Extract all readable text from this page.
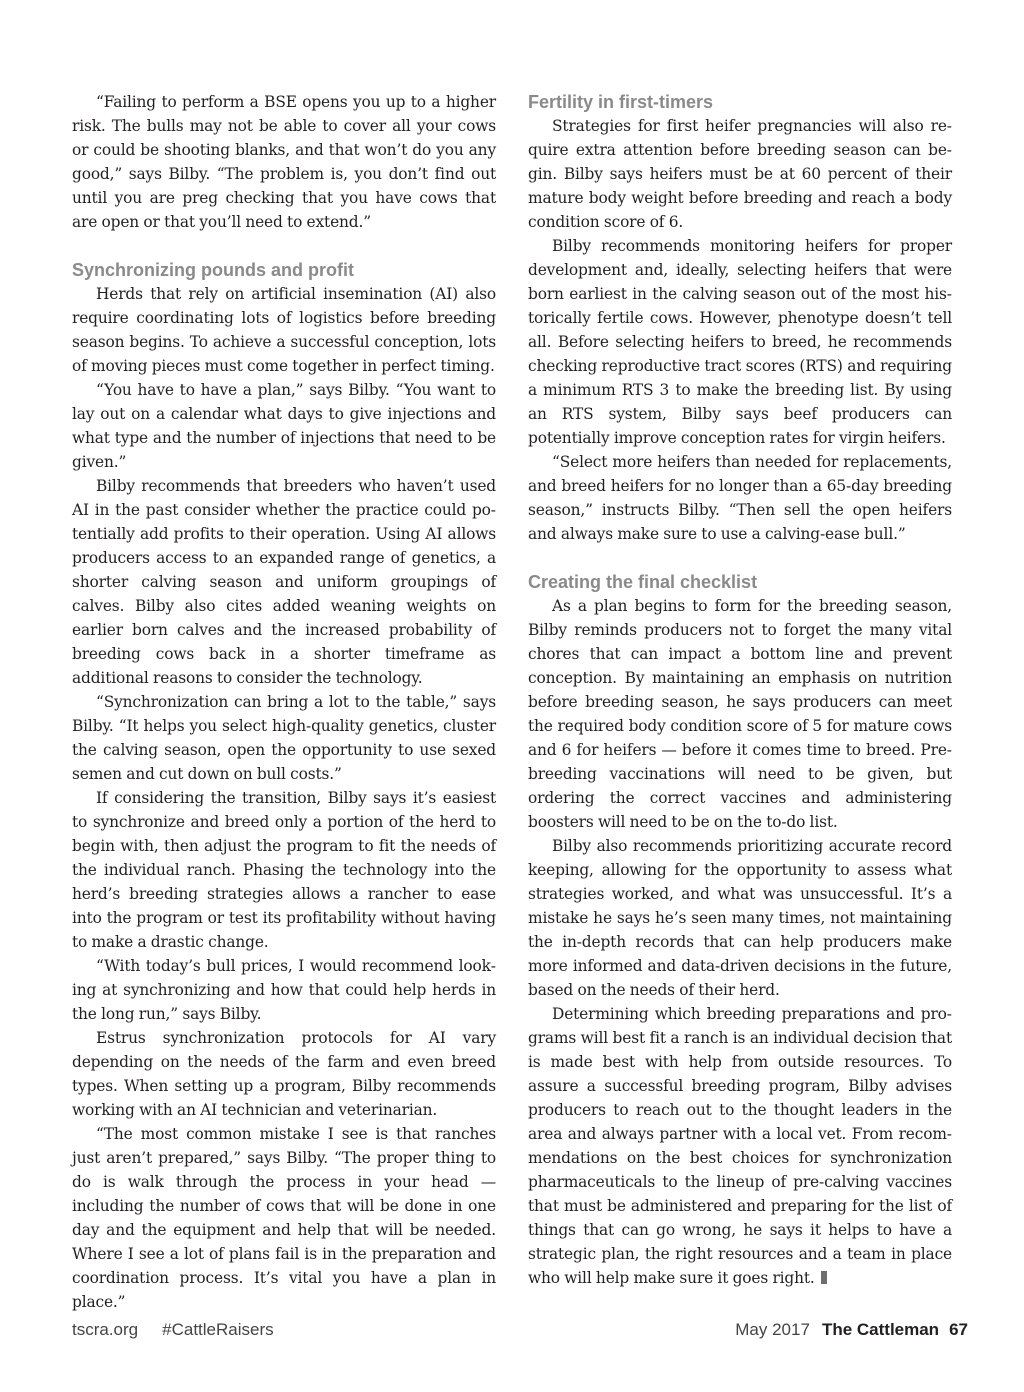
“Failing to perform a BSE opens you up to a higher risk. The bulls may not be able to cover all your cows or could be shooting blanks, and that won’t do you any good,” says Bilby. “The problem is, you don’t find out until you are preg checking that you have cows that are open or that you’ll need to extend.”

Synchronizing pounds and profit

Herds that rely on artificial insemination (AI) also require coordinating lots of logistics before breeding season begins. To achieve a successful conception, lots of moving pieces must come together in perfect timing.

“You have to have a plan,” says Bilby. “You want to lay out on a calendar what days to give injections and what type and the number of injections that need to be given.”

Bilby recommends that breeders who haven’t used AI in the past consider whether the practice could potentially add profits to their operation. Using AI allows producers access to an expanded range of genetics, a shorter calving season and uniform groupings of calves. Bilby also cites added weaning weights on earlier born calves and the increased probability of breeding cows back in a shorter timeframe as additional reasons to consider the technology.

“Synchronization can bring a lot to the table,” says Bilby. “It helps you select high-quality genetics, cluster the calving season, open the opportunity to use sexed semen and cut down on bull costs.”

If considering the transition, Bilby says it’s easiest to synchronize and breed only a portion of the herd to begin with, then adjust the program to fit the needs of the individual ranch. Phasing the technology into the herd’s breeding strategies allows a rancher to ease into the program or test its profitability without having to make a drastic change.

“With today’s bull prices, I would recommend looking at synchronizing and how that could help herds in the long run,” says Bilby.

Estrus synchronization protocols for AI vary depending on the needs of the farm and even breed types. When setting up a program, Bilby recommends working with an AI technician and veterinarian.

“The most common mistake I see is that ranches just aren’t prepared,” says Bilby. “The proper thing to do is walk through the process in your head — including the number of cows that will be done in one day and the equipment and help that will be needed. Where I see a lot of plans fail is in the preparation and coordination process. It’s vital you have a plan in place.”

Fertility in first-timers

Strategies for first heifer pregnancies will also require extra attention before breeding season can begin. Bilby says heifers must be at 60 percent of their mature body weight before breeding and reach a body condition score of 6.

Bilby recommends monitoring heifers for proper development and, ideally, selecting heifers that were born earliest in the calving season out of the most historically fertile cows. However, phenotype doesn’t tell all. Before selecting heifers to breed, he recommends checking reproductive tract scores (RTS) and requiring a minimum RTS 3 to make the breeding list. By using an RTS system, Bilby says beef producers can potentially improve conception rates for virgin heifers.

“Select more heifers than needed for replacements, and breed heifers for no longer than a 65-day breeding season,” instructs Bilby. “Then sell the open heifers and always make sure to use a calving-ease bull.”

Creating the final checklist

As a plan begins to form for the breeding season, Bilby reminds producers not to forget the many vital chores that can impact a bottom line and prevent conception. By maintaining an emphasis on nutrition before breeding season, he says producers can meet the required body condition score of 5 for mature cows and 6 for heifers — before it comes time to breed. Prebreeding vaccinations will need to be given, but ordering the correct vaccines and administering boosters will need to be on the to-do list.

Bilby also recommends prioritizing accurate record keeping, allowing for the opportunity to assess what strategies worked, and what was unsuccessful. It’s a mistake he says he’s seen many times, not maintaining the in-depth records that can help producers make more informed and data-driven decisions in the future, based on the needs of their herd.

Determining which breeding preparations and programs will best fit a ranch is an individual decision that is made best with help from outside resources. To assure a successful breeding program, Bilby advises producers to reach out to the thought leaders in the area and always partner with a local vet. From recommendations on the best choices for synchronization pharmaceuticals to the lineup of pre-calving vaccines that must be administered and preparing for the list of things that can go wrong, he says it helps to have a strategic plan, the right resources and a team in place who will help make sure it goes right.

tscra.org #CattleRaisers	May 2017 The Cattleman 67
